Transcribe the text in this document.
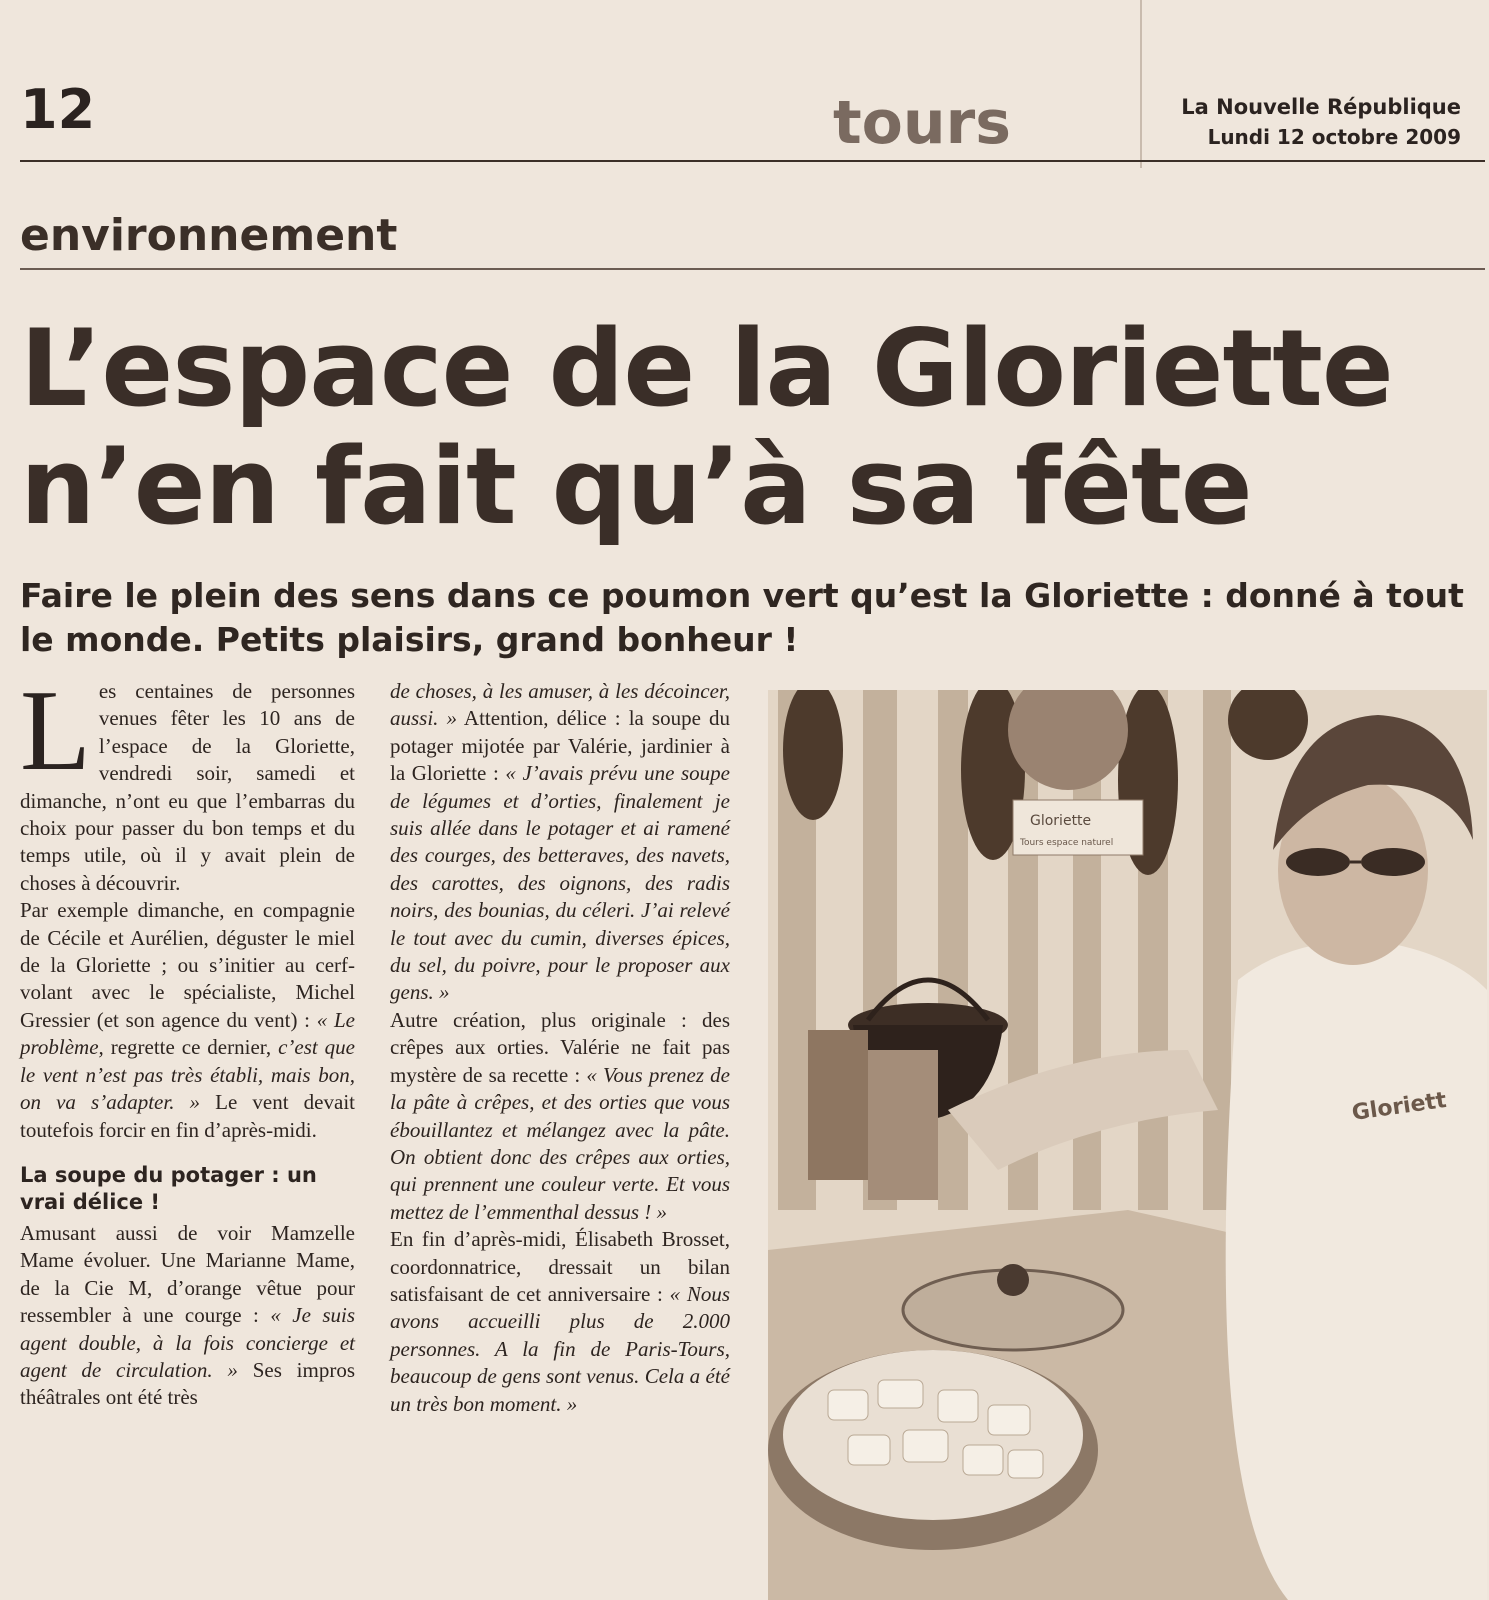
12	tours	La Nouvelle République
Lundi 12 octobre 2009
environnement
L’espace de la Gloriette n’en fait qu’à sa fête
Faire le plein des sens dans ce poumon vert qu’est la Gloriette : donné à tout le monde. Petits plaisirs, grand bonheur !

Les centaines de personnes venues fêter les 10 ans de l’espace de la Gloriette, vendredi soir, samedi et dimanche, n’ont eu que l’embarras du choix pour passer du bon temps et du temps utile, où il y avait plein de choses à découvrir.

Par exemple dimanche, en compagnie de Cécile et Aurélien, déguster le miel de la Gloriette ; ou s’initier au cerf-volant avec le spécialiste, Michel Gressier (et son agence du vent) : « Le problème, regrette ce dernier, c’est que le vent n’est pas très établi, mais bon, on va s’adapter. » Le vent devait toutefois forcir en fin d’après-midi.

La soupe du potager : un vrai délice !

Amusant aussi de voir Mamzelle Mame évoluer. Une Marianne Mame, de la Cie M, d’orange vêtue pour ressembler à une courge : « Je suis agent double, à la fois concierge et agent de circulation. » Ses impros théâtrales ont été très

de choses, à les amuser, à les décoincer, aussi. » Attention, délice : la soupe du potager mijotée par Valérie, jardinier à la Gloriette : « J’avais prévu une soupe de légumes et d’orties, finalement je suis allée dans le potager et ai ramené des courges, des betteraves, des navets, des carottes, des oignons, des radis noirs, des bounias, du céleri. J’ai relevé le tout avec du cumin, diverses épices, du sel, du poivre, pour le proposer aux gens. »

Autre création, plus originale : des crêpes aux orties. Valérie ne fait pas mystère de sa recette : « Vous prenez de la pâte à crêpes, et des orties que vous ébouillantez et mélangez avec la pâte. On obtient donc des crêpes aux orties, qui prennent une couleur verte. Et vous mettez de l’emmenthal dessus ! »

En fin d’après-midi, Élisabeth Brosset, coordonnatrice, dressait un bilan satisfaisant de cet anniversaire : « Nous avons accueilli plus de 2.000 personnes. A la fin de Paris-Tours, beaucoup de gens sont venus. Cela a été un très bon moment. »

Gloriette
Tours espace naturel
Gloriett
